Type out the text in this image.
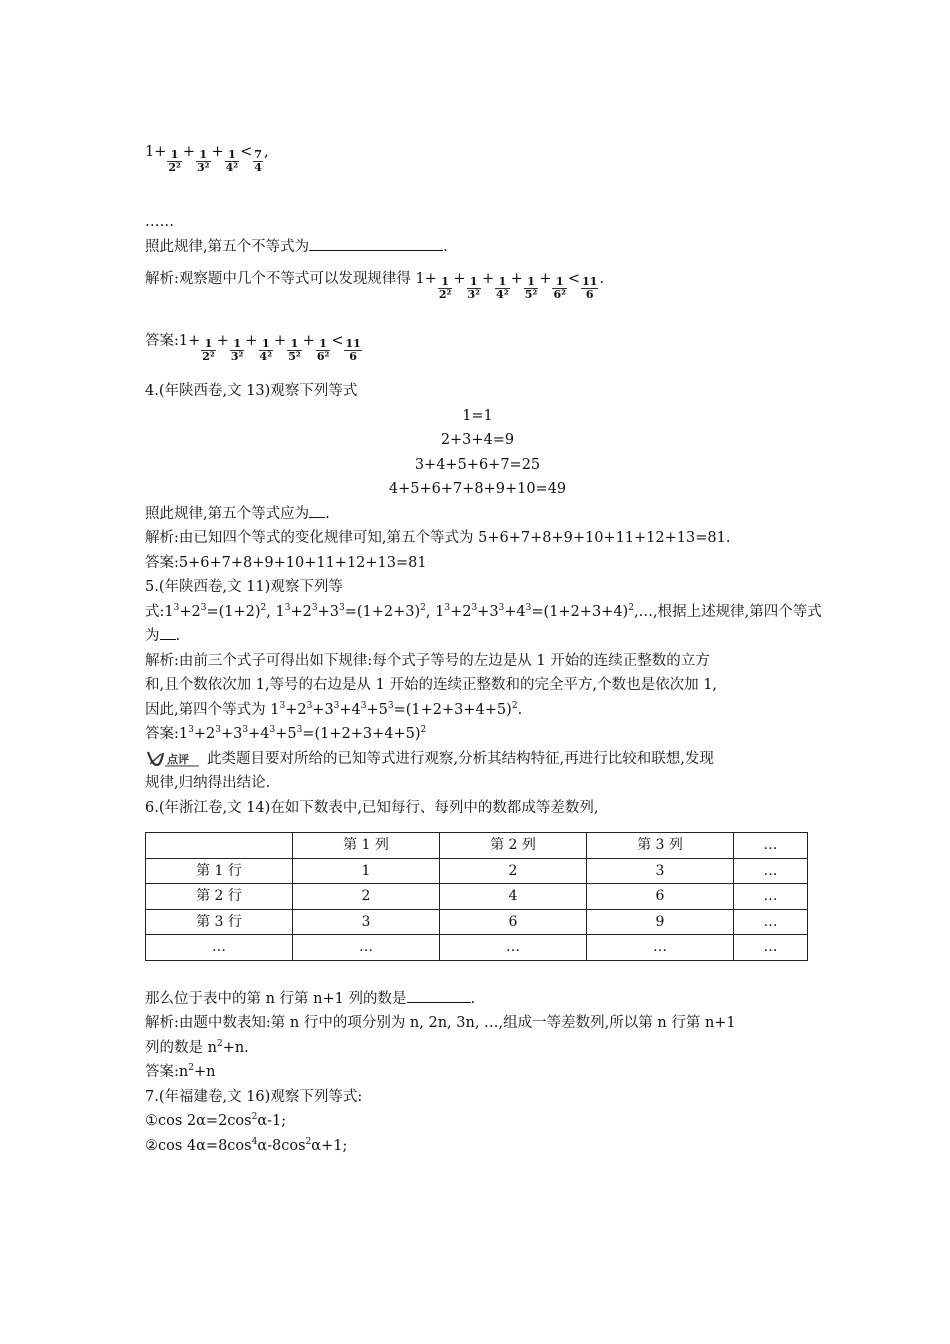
$1+ \frac{1}{\text{2²}} + \frac{1}{\text{3²}} + \frac{1}{\text{4²}} < \frac{7}{4}$ ,
……
照此规律,第五个不等式为	.
解析:观察题中几个不等式可以发现规律得 $1+ \frac{1}{\text{2²}} + \frac{1}{\text{3²}} + \frac{1}{\text{4²}} + \frac{1}{\text{5²}} + \frac{1}{\text{6²}} < \frac{11}{6}$ .
答案:1+ $\frac{1}{\text{2²}} + \frac{1}{\text{3²}} + \frac{1}{\text{4²}} + \frac{1}{\text{5²}} + \frac{1}{\text{6²}} < \frac{11}{6}$
4.(年陕西卷,文 13)观察下列等式
1=1
2+3+4=9
3+4+5+6+7=25
4+5+6+7+8+9+10=49
照此规律,第五个等式应为 .
解析:由已知四个等式的变化规律可知,第五个等式为 5+6+7+8+9+10+11+12+13=81.
答案:5+6+7+8+9+10+11+12+13=81
5.(年陕西卷,文 11)观察下列等
式$:1^3+2^3=(1+2)^2$, $1^3+2^3+3^3=(1+2+3)^2$, $1^3+2^3+3^3+4^3=(1+2+3+4)^2,\dots$,根据上述规律,第四个等式
为 .
解析:由前三个式子可得出如下规律:每个式子等号的左边是从 1 开始的连续正整数的立方
和,且个数依次加 1,等号的右边是从 1 开始的连续正整数和的完全平方,个数也是依次加 1,
因此,第四个等式为 $1^3+2^3+3^3+4^3+5^3=(1+2+3+4+5)^2$.
答案$:1^3+2^3+3^3+4^3+5^3=(1+2+3+4+5)^2$
点评 此类题目要对所给的已知等式进行观察,分析其结构特征,再进行比较和联想,发现
规律,归纳得出结论.
6.(年浙江卷,文 14)在如下数表中,已知每行、每列中的数都成等差数列,
	第 1 列	第 2 列	第 3 列	…
第 1 行	1	2	3	…
第 2 行	2	4	6	…
第 3 行	3	6	9	…
…	…	…	…	…
那么位于表中的第 n 行第 n+1 列的数是	.
解析:由题中数表知:第 n 行中的项分别为 n, 2n, 3n, …,组成一等差数列,所以第 n 行第 n+1
列的数是 $n^2+n$.
答案$:n^2+n$
7.(年福建卷,文 16)观察下列等式:
①cos $2\alpha=2\cos^2\alpha-1$;
②cos $4\alpha=8\cos^4\alpha-8\cos^2\alpha+1$;
